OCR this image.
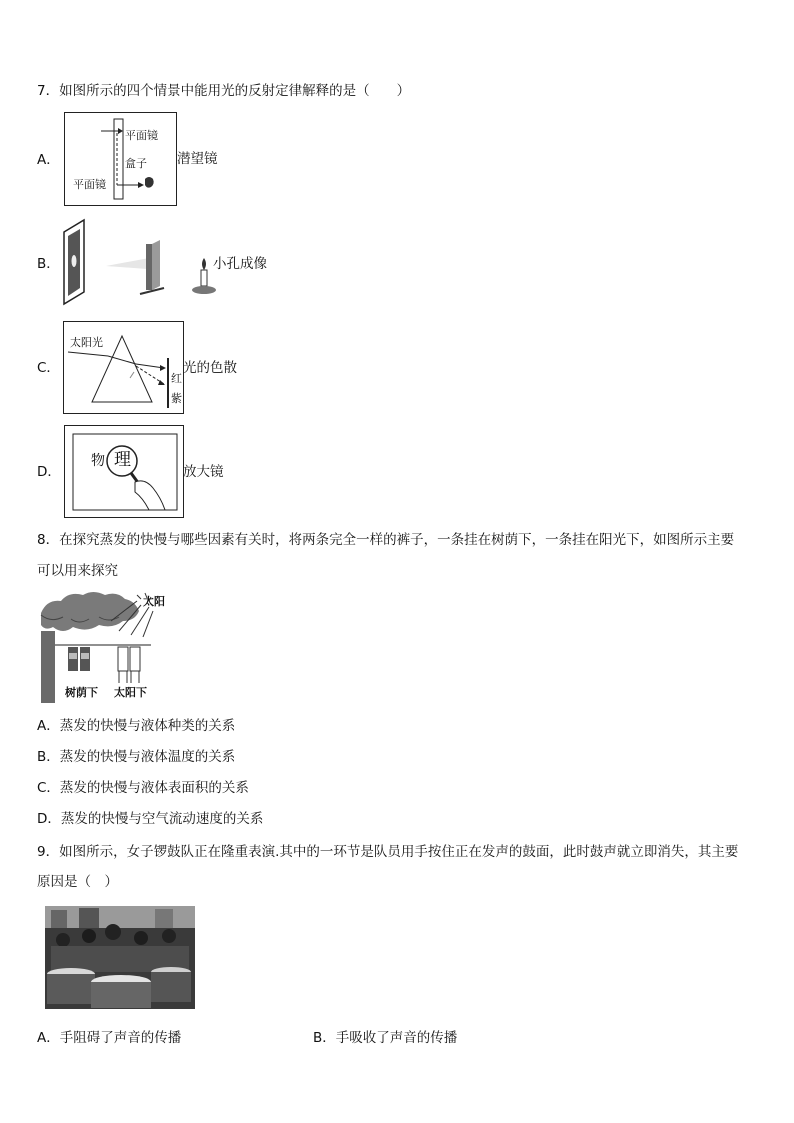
7．如图所示的四个情景中能用光的反射定律解释的是（　　）
A．
平面镜
盒子
平面镜
潜望镜
B．	小孔成像
C．
太阳光
红
紫
光的色散
D．
物 理
放大镜
8．在探究蒸发的快慢与哪些因素有关时，将两条完全一样的裤子，一条挂在树荫下，一条挂在阳光下，如图所示主要
可以用来探究
太阳
树荫下 太阳下
A．蒸发的快慢与液体种类的关系
B．蒸发的快慢与液体温度的关系
C．蒸发的快慢与液体表面积的关系
D．蒸发的快慢与空气流动速度的关系
9．如图所示，女子锣鼓队正在隆重表演.其中的一环节是队员用手按住正在发声的鼓面，此时鼓声就立即消失，其主要
原因是（　）
A．手阻碍了声音的传播	B．手吸收了声音的传播
